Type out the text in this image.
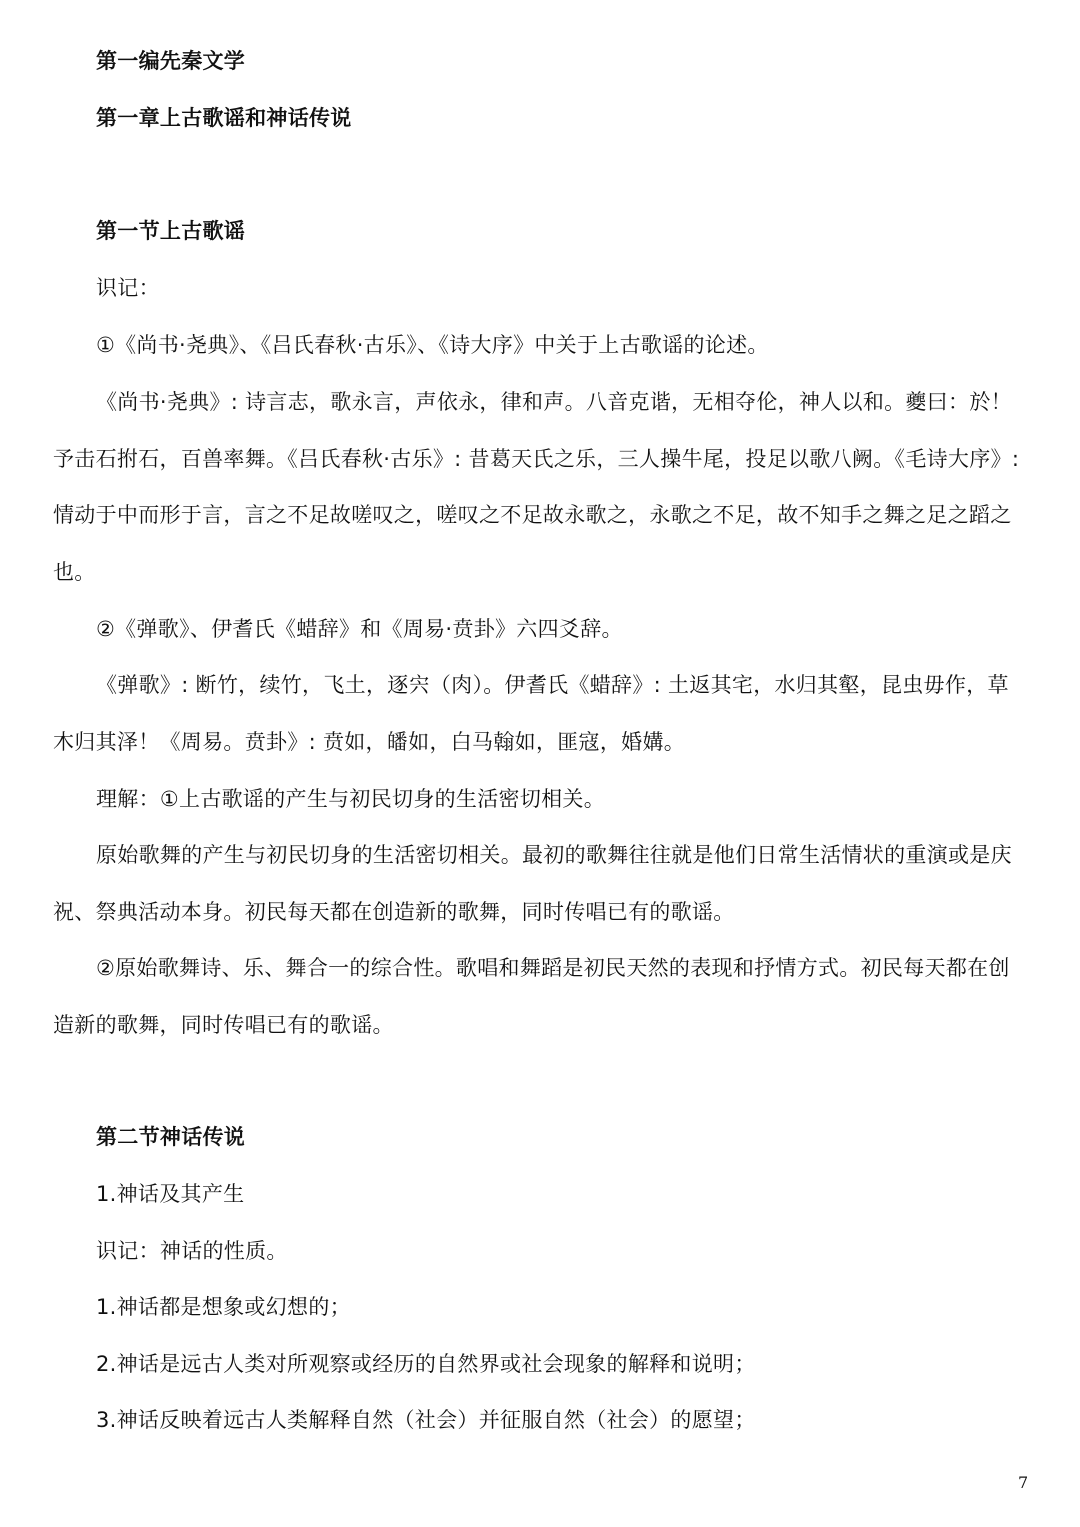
第一编先秦文学
第一章上古歌谣和神话传说
第一节上古歌谣
识记：
①《尚书·尧典》、《吕氏春秋·古乐》、《诗大序》中关于上古歌谣的论述。
《尚书·尧典》: 诗言志，歌永言，声依永，律和声。八音克谐，无相夺伦，神人以和。夔曰：於！
予击石拊石，百兽率舞。《吕氏春秋·古乐》: 昔葛天氏之乐，三人操牛尾，投足以歌八阙。《毛诗大序》:
情动于中而形于言，言之不足故嗟叹之，嗟叹之不足故永歌之，永歌之不足，故不知手之舞之足之蹈之
也。
②《弹歌》、伊耆氏《蜡辞》和《周易·贲卦》六四爻辞。
《弹歌》: 断竹，续竹，飞土，逐宍（肉）。伊耆氏《蜡辞》: 土返其宅，水归其壑，昆虫毋作，草
木归其泽！《周易。贲卦》: 贲如，皤如，白马翰如，匪寇，婚媾。
理解：①上古歌谣的产生与初民切身的生活密切相关。
原始歌舞的产生与初民切身的生活密切相关。最初的歌舞往往就是他们日常生活情状的重演或是庆
祝、祭典活动本身。初民每天都在创造新的歌舞，同时传唱已有的歌谣。
②原始歌舞诗、乐、舞合一的综合性。歌唱和舞蹈是初民天然的表现和抒情方式。初民每天都在创
造新的歌舞，同时传唱已有的歌谣。
第二节神话传说
1.神话及其产生
识记：神话的性质。
1.神话都是想象或幻想的；
2.神话是远古人类对所观察或经历的自然界或社会现象的解释和说明；
3.神话反映着远古人类解释自然（社会）并征服自然（社会）的愿望；
7
